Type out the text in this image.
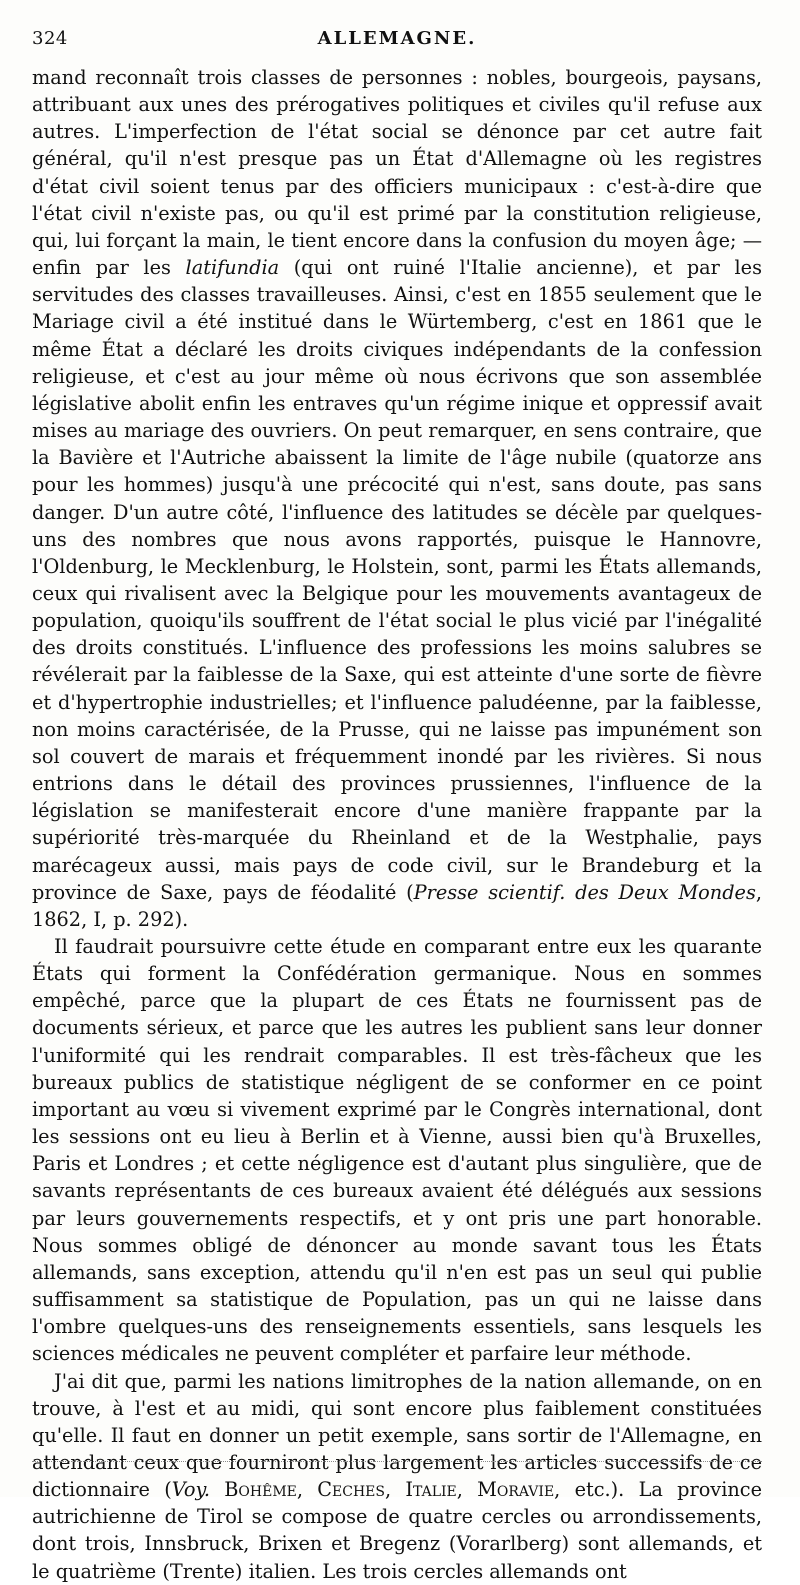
324	ALLEMAGNE.

mand reconnaît trois classes de personnes : nobles, bourgeois, paysans, attribuant aux unes des prérogatives politiques et civiles qu'il refuse aux autres. L'imperfection de l'état social se dénonce par cet autre fait général, qu'il n'est presque pas un État d'Allemagne où les registres d'état civil soient tenus par des officiers municipaux : c'est-à-dire que l'état civil n'existe pas, ou qu'il est primé par la constitution religieuse, qui, lui forçant la main, le tient encore dans la confusion du moyen âge; — enfin par les latifundia (qui ont ruiné l'Italie ancienne), et par les servitudes des classes travailleuses. Ainsi, c'est en 1855 seulement que le Mariage civil a été institué dans le Würtemberg, c'est en 1861 que le même État a déclaré les droits civiques indépendants de la confession religieuse, et c'est au jour même où nous écrivons que son assemblée législative abolit enfin les entraves qu'un régime inique et oppressif avait mises au mariage des ouvriers. On peut remarquer, en sens contraire, que la Bavière et l'Autriche abaissent la limite de l'âge nubile (quatorze ans pour les hommes) jusqu'à une précocité qui n'est, sans doute, pas sans danger. D'un autre côté, l'influence des latitudes se décèle par quelques-uns des nombres que nous avons rapportés, puisque le Hannovre, l'Oldenburg, le Mecklenburg, le Holstein, sont, parmi les États allemands, ceux qui rivalisent avec la Belgique pour les mouvements avantageux de population, quoiqu'ils souffrent de l'état social le plus vicié par l'inégalité des droits constitués. L'influence des professions les moins salubres se révélerait par la faiblesse de la Saxe, qui est atteinte d'une sorte de fièvre et d'hypertrophie industrielles; et l'influence paludéenne, par la faiblesse, non moins caractérisée, de la Prusse, qui ne laisse pas impunément son sol couvert de marais et fréquemment inondé par les rivières. Si nous entrions dans le détail des provinces prussiennes, l'influence de la législation se manifesterait encore d'une manière frappante par la supériorité très-marquée du Rheinland et de la Westphalie, pays marécageux aussi, mais pays de code civil, sur le Brandeburg et la province de Saxe, pays de féodalité (Presse scientif. des Deux Mondes, 1862, I, p. 292).

Il faudrait poursuivre cette étude en comparant entre eux les quarante États qui forment la Confédération germanique. Nous en sommes empêché, parce que la plupart de ces États ne fournissent pas de documents sérieux, et parce que les autres les publient sans leur donner l'uniformité qui les rendrait comparables. Il est très-fâcheux que les bureaux publics de statistique négligent de se conformer en ce point important au vœu si vivement exprimé par le Congrès international, dont les sessions ont eu lieu à Berlin et à Vienne, aussi bien qu'à Bruxelles, Paris et Londres ; et cette négligence est d'autant plus singulière, que de savants représentants de ces bureaux avaient été délégués aux sessions par leurs gouvernements respectifs, et y ont pris une part honorable. Nous sommes obligé de dénoncer au monde savant tous les États allemands, sans exception, attendu qu'il n'en est pas un seul qui publie suffisamment sa statistique de Population, pas un qui ne laisse dans l'ombre quelques-uns des renseignements essentiels, sans lesquels les sciences médicales ne peuvent compléter et parfaire leur méthode.

J'ai dit que, parmi les nations limitrophes de la nation allemande, on en trouve, à l'est et au midi, qui sont encore plus faiblement constituées qu'elle. Il faut en donner un petit exemple, sans sortir de l'Allemagne, en attendant ceux que fourniront plus largement les articles successifs de ce dictionnaire (Voy. Bohême, Ceches, Italie, Moravie, etc.). La province autrichienne de Tirol se compose de quatre cercles ou arrondissements, dont trois, Innsbruck, Brixen et Bregenz (Vorarlberg) sont allemands, et le quatrième (Trente) italien. Les trois cercles allemands ont
